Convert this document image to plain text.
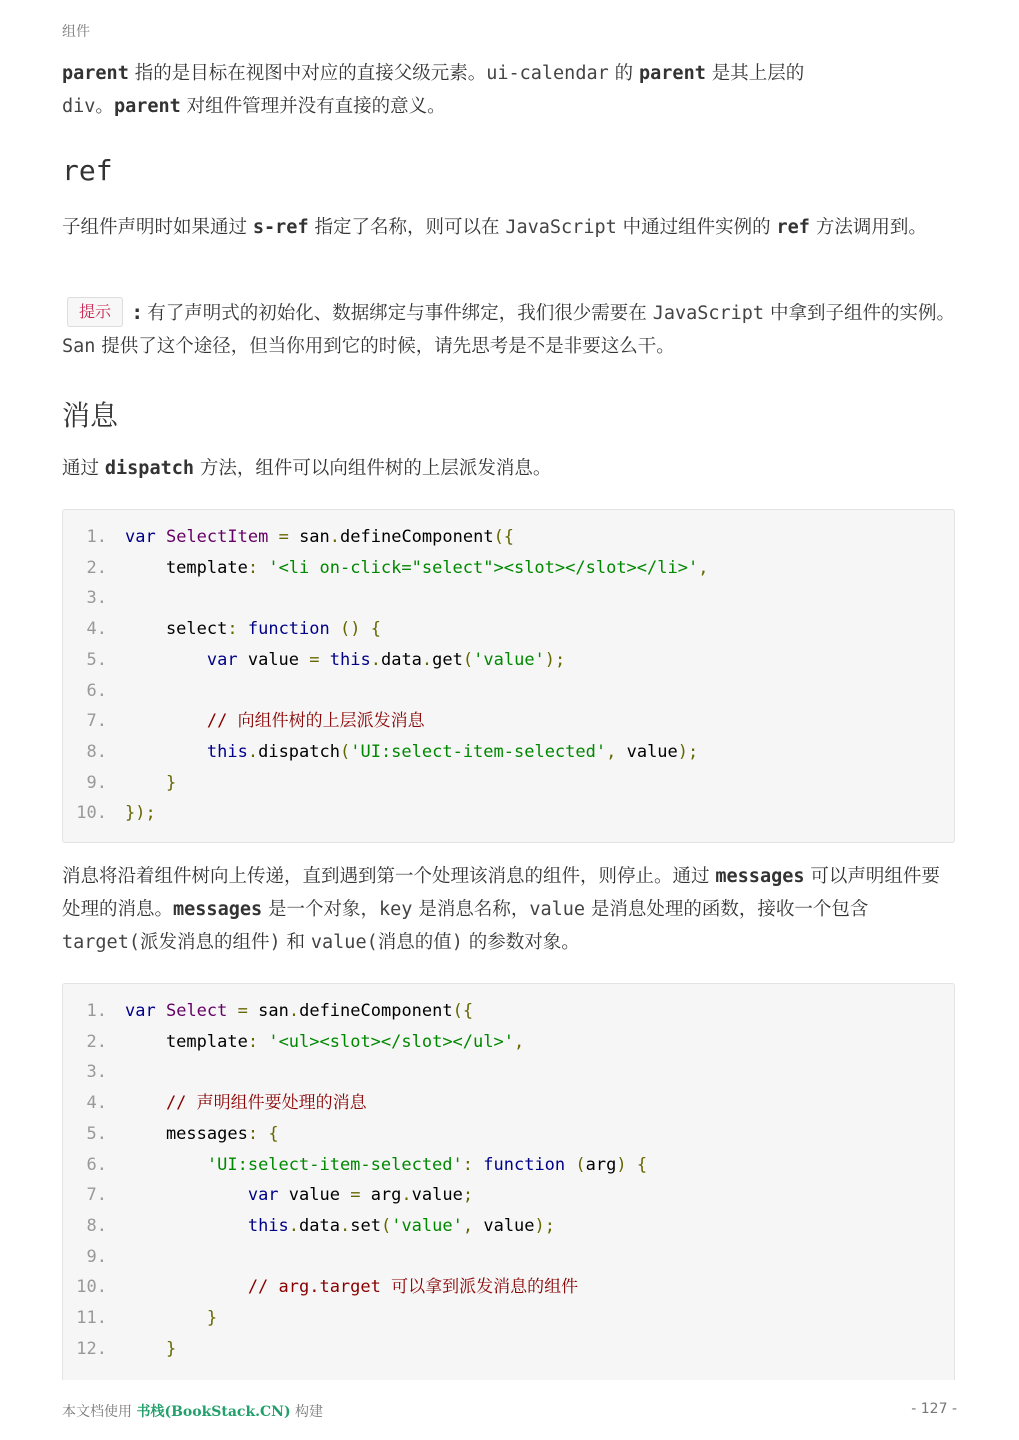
组件
parent 指的是目标在视图中对应的直接父级元素。ui-calendar 的 parent 是其上层的
div。parent 对组件管理并没有直接的意义。
ref
子组件声明时如果通过 s-ref 指定了名称，则可以在 JavaScript 中通过组件实例的 ref 方法调用到。
提示 : 有了声明式的初始化、数据绑定与事件绑定，我们很少需要在 JavaScript 中拿到子组件的实例。San 提供了这个途径，但当你用到它的时候，请先思考是不是非要这么干。
消息
通过 dispatch 方法，组件可以向组件树的上层派发消息。
1. var SelectItem = san.defineComponent({
2. template: '<li on-click="select"><slot></slot></li>',
3.
4. select: function () {
5.	var value = this.data.get('value');
6.
7. // 向组件树的上层派发消息
8.	this.dispatch('UI:select-item-selected', value);
9.	}
10. });
消息将沿着组件树向上传递，直到遇到第一个处理该消息的组件，则停止。通过 messages 可以声明组件要处理的消息。messages 是一个对象，key 是消息名称，value 是消息处理的函数，接收一个包含 target(派发消息的组件) 和 value(消息的值) 的参数对象。
1. var Select = san.defineComponent({
2. template: '<ul><slot></slot></ul>',
3.
4. // 声明组件要处理的消息
5. messages: {
6.	'UI:select-item-selected': function (arg) {
7.	var value = arg.value;
8.	this.data.set('value', value);
9.
10. // arg.target 可以拿到派发消息的组件
11.	}
12.	}
本文档使用 书栈(BookStack.CN) 构建	- 127 -
